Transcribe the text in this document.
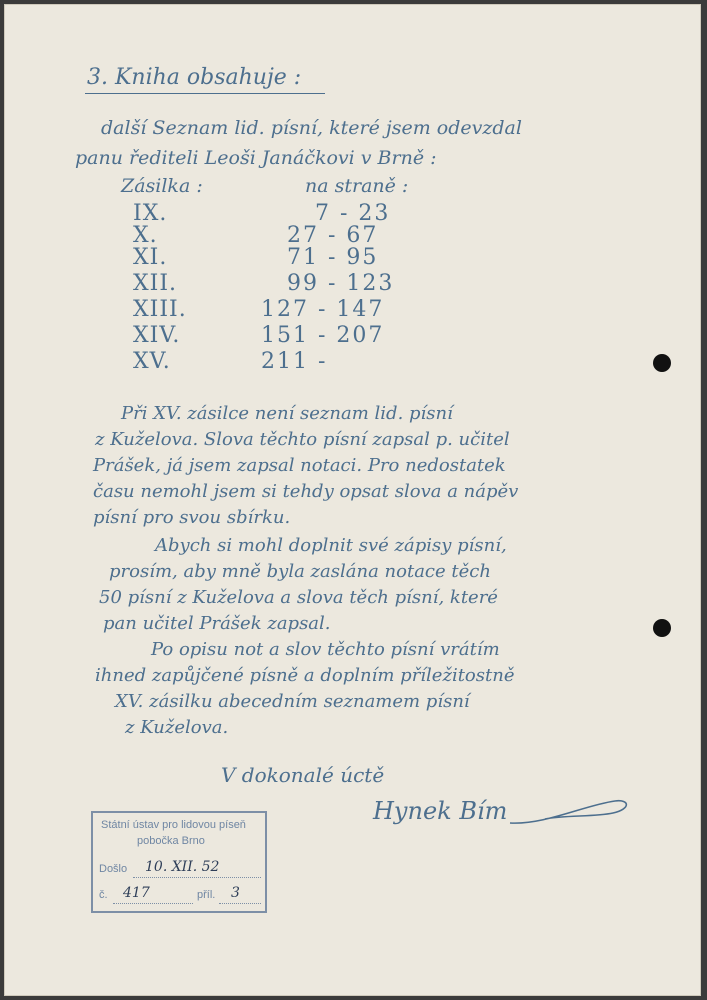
3. Kniha obsahuje :
další Seznam lid. písní, které jsem odevzdal
panu řediteli Leoši Janáčkovi v Brně :
Zásilka :	na straně :
IX.	7 - 23
X.	27 - 67
XI.	71 - 95
XII.	99 - 123
XIII.	127 - 147
XIV.	151 - 207
XV.	211 -
Při XV. zásilce není seznam lid. písní
z Kuželova. Slova těchto písní zapsal p. učitel
Prášek, já jsem zapsal notaci. Pro nedostatek
času nemohl jsem si tehdy opsat slova a nápěv
písní pro svou sbírku.
Abych si mohl doplnit své zápisy písní,
prosím, aby mně byla zaslána notace těch
50 písní z Kuželova a slova těch písní, které
pan učitel Prášek zapsal.
Po opisu not a slov těchto písní vrátím
ihned zapůjčené písně a doplním příležitostně
XV. zásilku abecedním seznamem písní
z Kuželova.
V dokonalé úctě
Hynek Bím
Státní ústav pro lidovou píseň
pobočka Brno
Došlo 10. XII. 52
č. 417	příl. 3
